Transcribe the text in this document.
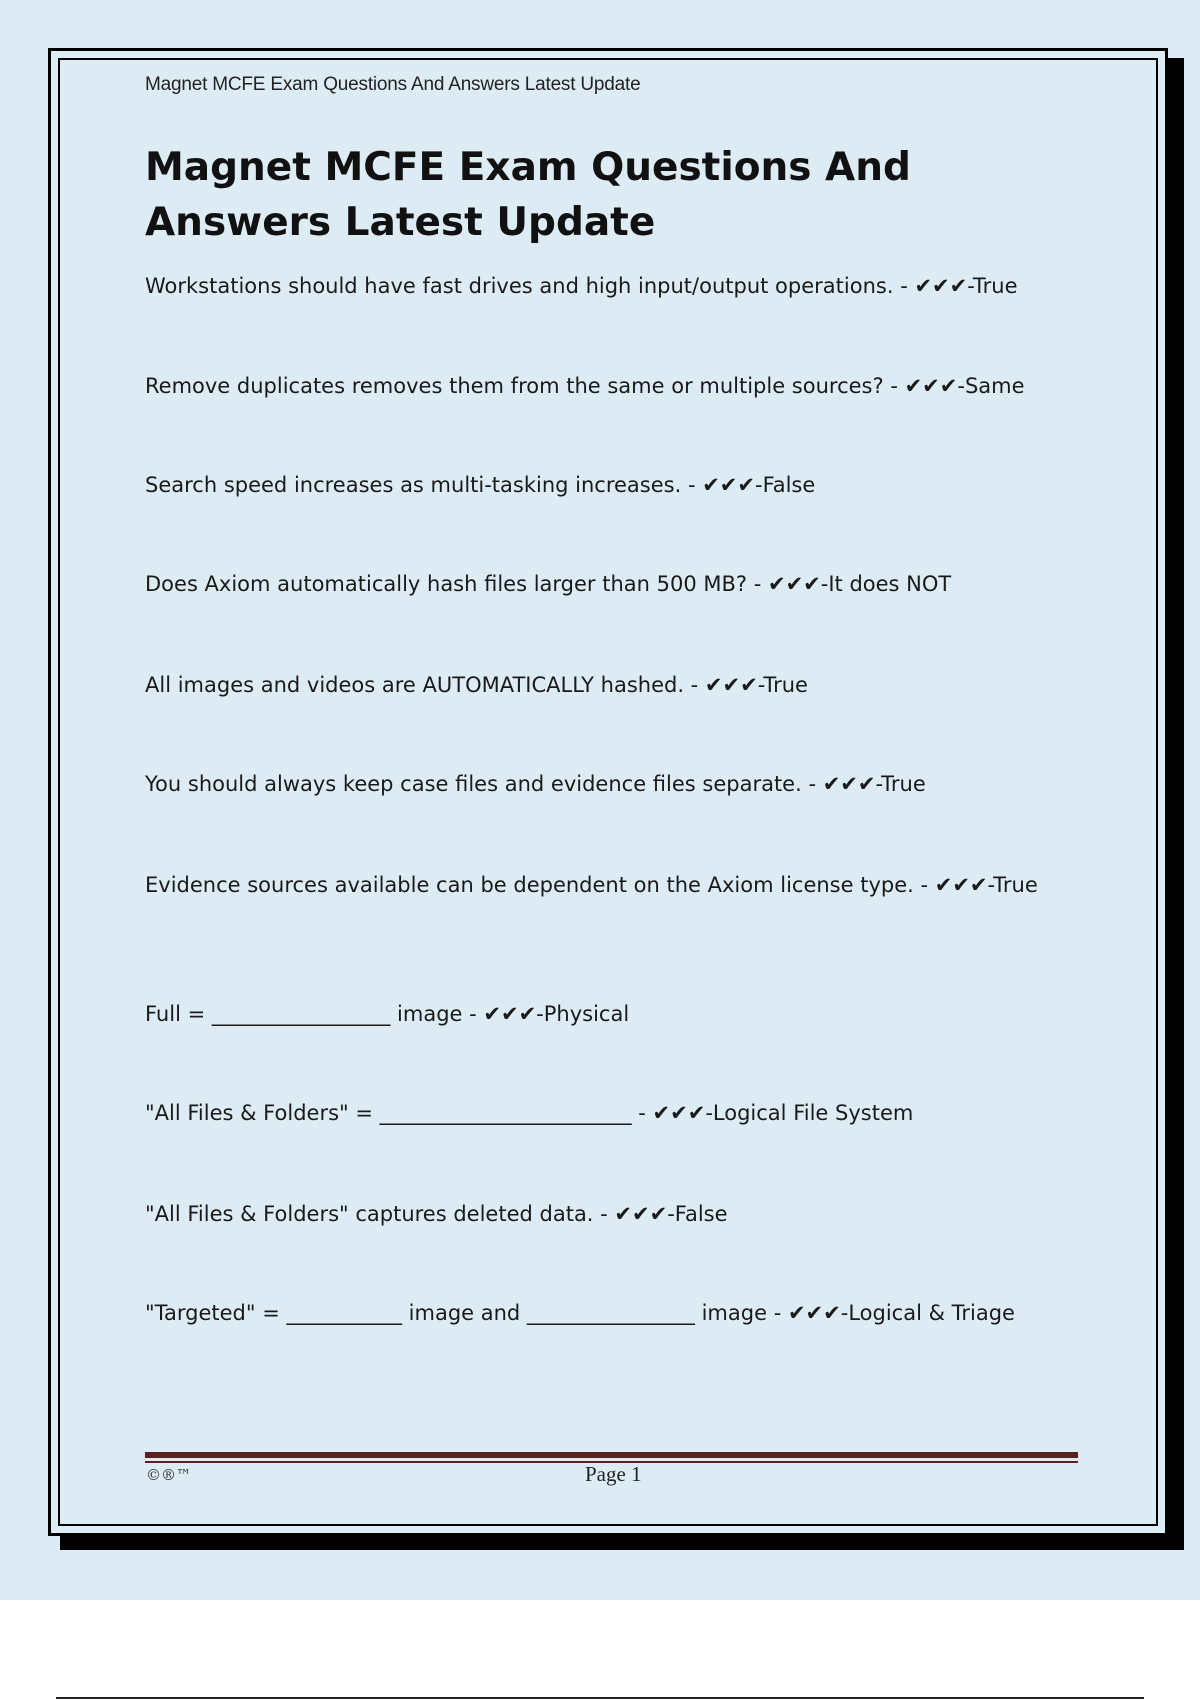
Magnet MCFE Exam Questions And Answers Latest Update
Magnet MCFE Exam Questions And Answers Latest Update

Workstations should have fast drives and high input/output operations. - ✔✔✔-True

Remove duplicates removes them from the same or multiple sources? - ✔✔✔-Same

Search speed increases as multi-tasking increases. - ✔✔✔-False

Does Axiom automatically hash files larger than 500 MB? - ✔✔✔-It does NOT

All images and videos are AUTOMATICALLY hashed. - ✔✔✔-True

You should always keep case files and evidence files separate. - ✔✔✔-True

Evidence sources available can be dependent on the Axiom license type. - ✔✔✔-True

Full = _________________ image - ✔✔✔-Physical

"All Files & Folders" = ________________________ - ✔✔✔-Logical File System

"All Files & Folders" captures deleted data. - ✔✔✔-False

"Targeted" = ___________ image and ________________ image - ✔✔✔-Logical & Triage

©®™	Page 1
